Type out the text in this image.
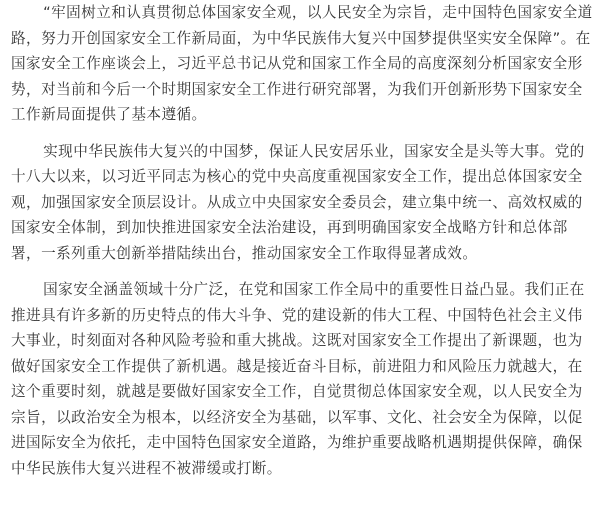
“牢固树立和认真贯彻总体国家安全观，以人民安全为宗旨，走中国特色国家安全道
路，努力开创国家安全工作新局面，为中华民族伟大复兴中国梦提供坚实安全保障”。在
国家安全工作座谈会上，习近平总书记从党和国家工作全局的高度深刻分析国家安全形
势，对当前和今后一个时期国家安全工作进行研究部署，为我们开创新形势下国家安全
工作新局面提供了基本遵循。

实现中华民族伟大复兴的中国梦，保证人民安居乐业，国家安全是头等大事。党的
十八大以来，以习近平同志为核心的党中央高度重视国家安全工作，提出总体国家安全
观，加强国家安全顶层设计。从成立中央国家安全委员会，建立集中统一、高效权威的
国家安全体制，到加快推进国家安全法治建设，再到明确国家安全战略方针和总体部
署，一系列重大创新举措陆续出台，推动国家安全工作取得显著成效。

国家安全涵盖领域十分广泛，在党和国家工作全局中的重要性日益凸显。我们正在
推进具有许多新的历史特点的伟大斗争、党的建设新的伟大工程、中国特色社会主义伟
大事业，时刻面对各种风险考验和重大挑战。这既对国家安全工作提出了新课题，也为
做好国家安全工作提供了新机遇。越是接近奋斗目标，前进阻力和风险压力就越大，在
这个重要时刻，就越是要做好国家安全工作，自觉贯彻总体国家安全观，以人民安全为
宗旨，以政治安全为根本，以经济安全为基础，以军事、文化、社会安全为保障，以促
进国际安全为依托，走中国特色国家安全道路，为维护重要战略机遇期提供保障，确保
中华民族伟大复兴进程不被滞缓或打断。
